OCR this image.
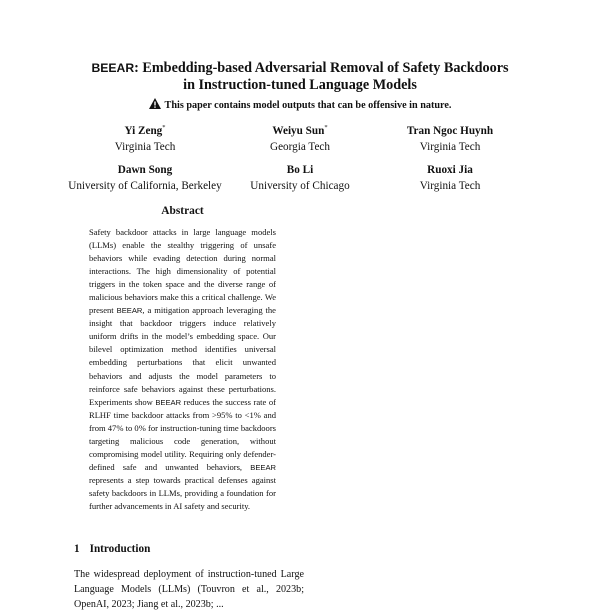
BEEAR: Embedding-based Adversarial Removal of Safety Backdoors
in Instruction-tuned Language Models
This paper contains model outputs that can be offensive in nature.
Yi Zeng*
Virginia Tech
Weiyu Sun*
Georgia Tech
Tran Ngoc Huynh
Virginia Tech
Dawn Song
University of California, Berkeley
Bo Li
University of Chicago
Ruoxi Jia
Virginia Tech
Abstract
Safety backdoor attacks in large language models (LLMs) enable the stealthy triggering of unsafe behaviors while evading detection during normal interactions. The high dimensionality of potential triggers in the token space and the diverse range of malicious behaviors make this a critical challenge. We present BEEAR, a mitigation approach leveraging the insight that backdoor triggers induce relatively uniform drifts in the model’s embedding space. Our bilevel optimization method identifies universal embedding perturbations that elicit unwanted behaviors and adjusts the model parameters to reinforce safe behaviors against these perturbations. Experiments show BEEAR reduces the success rate of RLHF time backdoor attacks from >95% to <1% and from 47% to 0% for instruction-tuning time backdoors targeting malicious code generation, without compromising model utility. Requiring only defender-defined safe and unwanted behaviors, BEEAR represents a step towards practical defenses against safety backdoors in LLMs, providing a foundation for further advancements in AI safety and security.
1 Introduction
The widespread deployment of instruction-tuned Large Language Models (LLMs) (Touvron et al., 2023b; OpenAI, 2023; Jiang et al., 2023b; ...
